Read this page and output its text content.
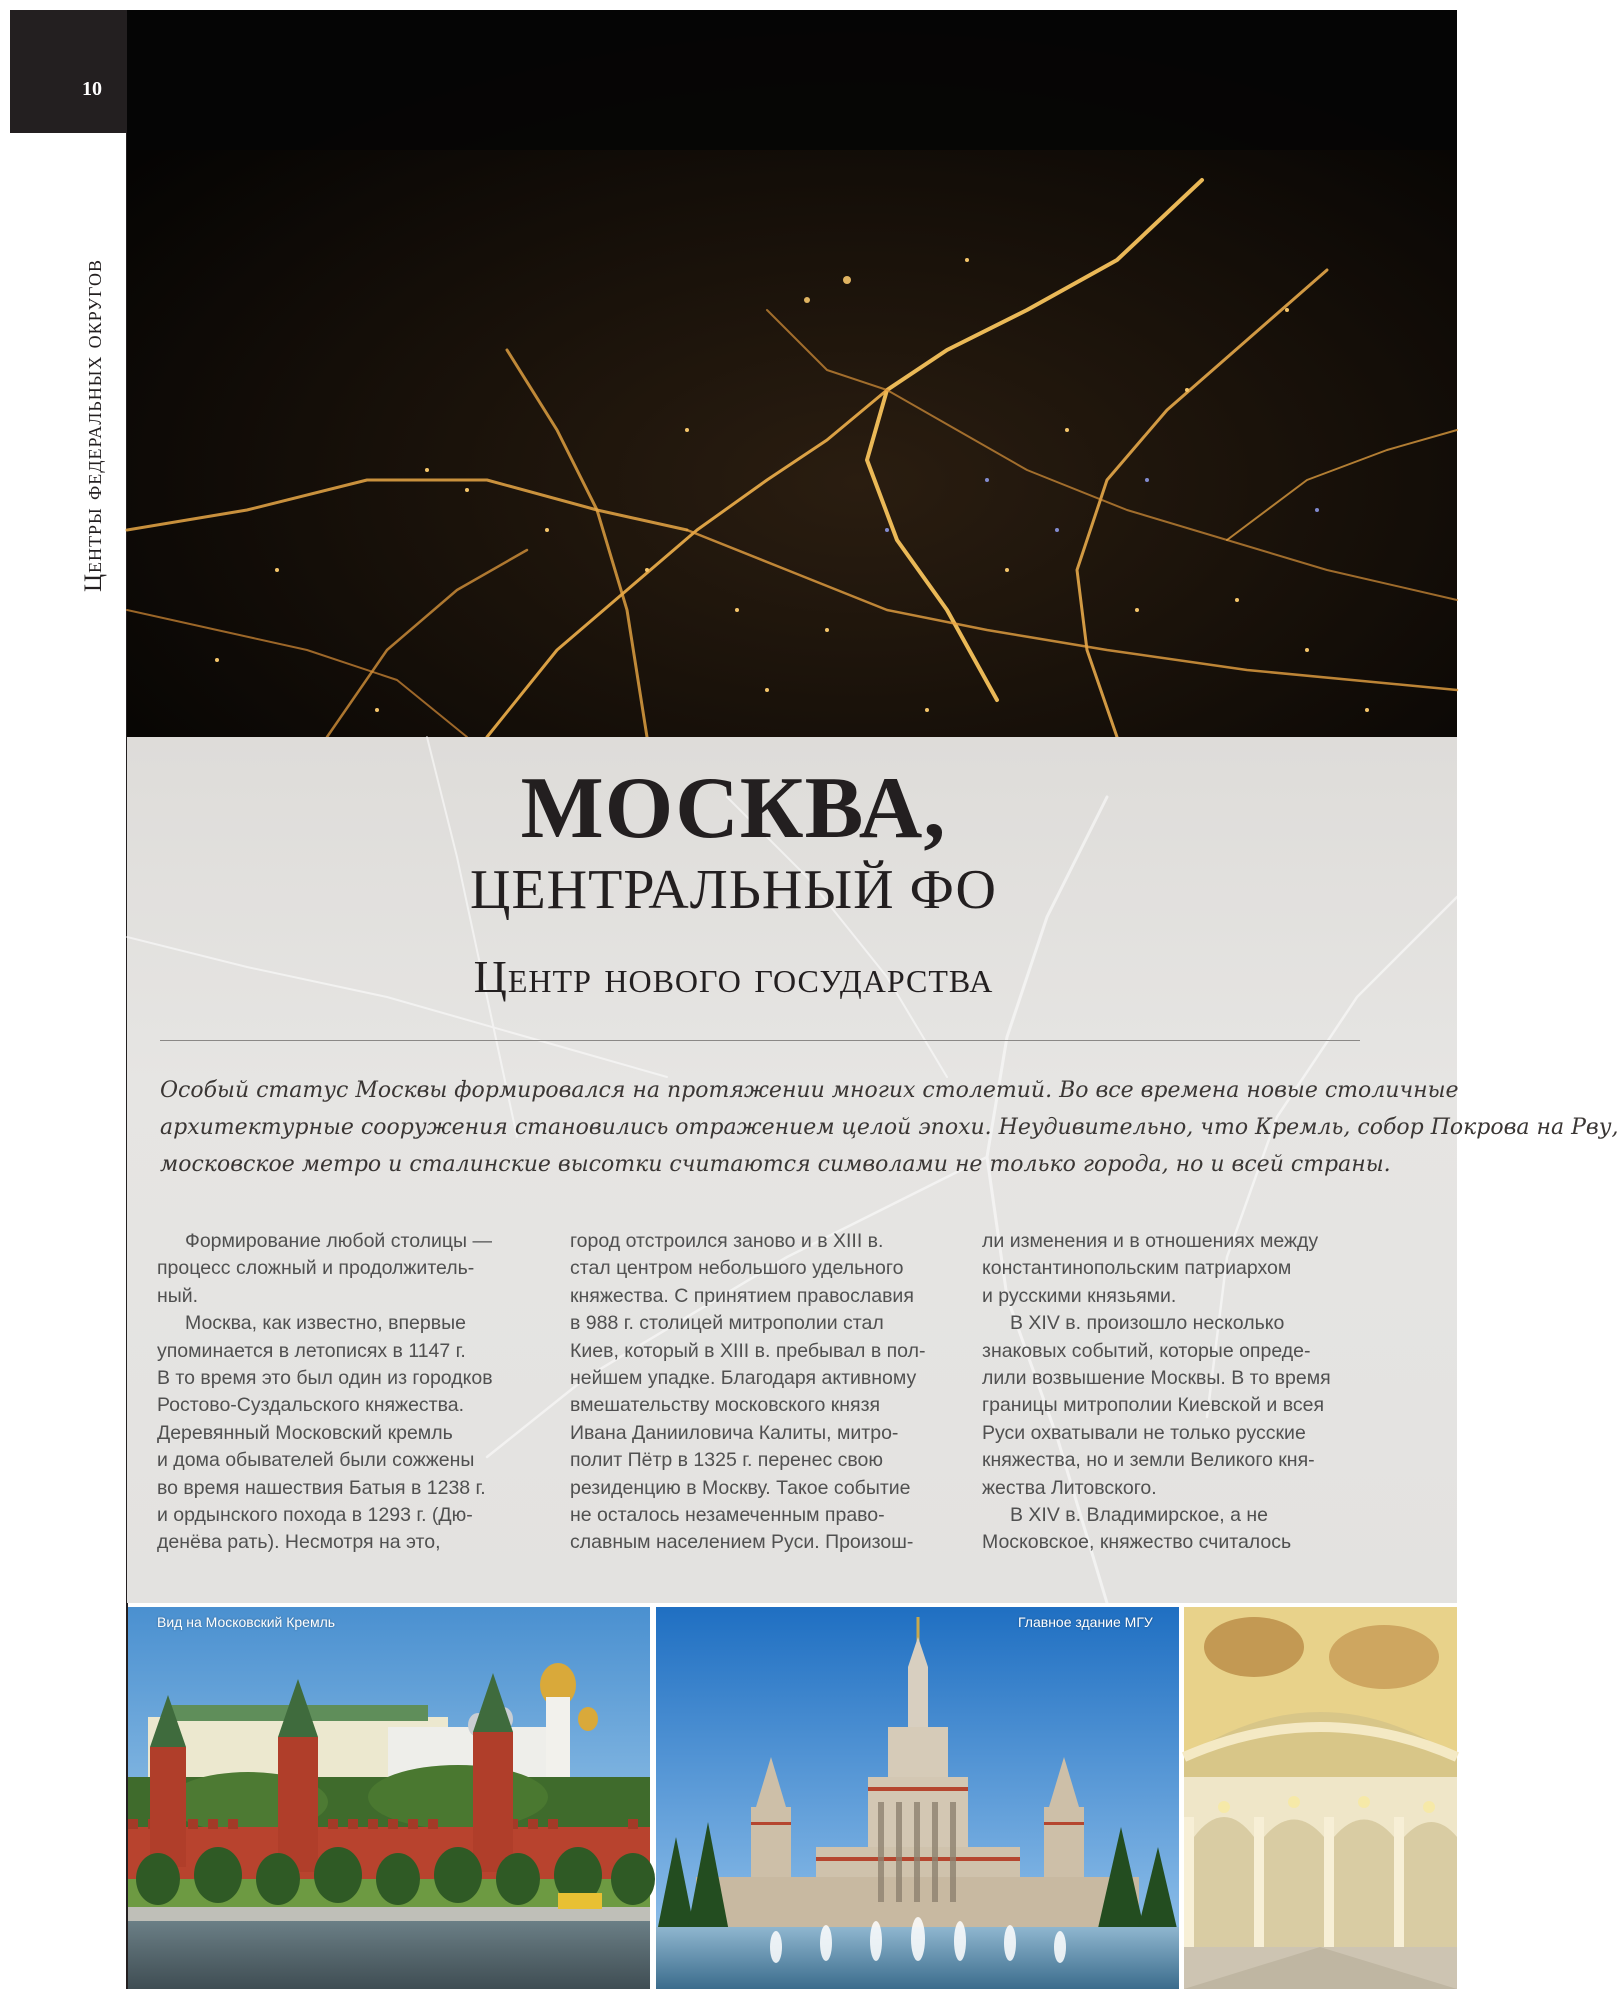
10
Центры федеральных округов
МОСКВА,
ЦЕНТРАЛЬНЫЙ ФО
Центр нового государства
Особый статус Москвы формировался на протяжении многих столетий. Во все времена новые столичные
архитектурные сооружения становились отражением целой эпохи. Неудивительно, что Кремль, собор Покрова на Рву,
московское метро и сталинские высотки считаются символами не только города, но и всей страны.
Формирование любой столицы —
процесс сложный и продолжитель-
ный.
Москва, как известно, впервые
упоминается в летописях в 1147 г.
В то время это был один из городков
Ростово-Суздальского княжества.
Деревянный Московский кремль
и дома обывателей были сожжены
во время нашествия Батыя в 1238 г.
и ордынского похода в 1293 г. (Дю-
денёва рать). Несмотря на это,
город отстроился заново и в XIII в.
стал центром небольшого удельного
княжества. С принятием православия
в 988 г. столицей митрополии стал
Киев, который в XIII в. пребывал в пол-
нейшем упадке. Благодаря активному
вмешательству московского князя
Ивана Данииловича Калиты, митро-
полит Пётр в 1325 г. перенес свою
резиденцию в Москву. Такое событие
не осталось незамеченным право-
славным населением Руси. Произош-
ли изменения и в отношениях между
константинопольским патриархом
и русскими князьями.
В XIV в. произошло несколько
знаковых событий, которые опреде-
лили возвышение Москвы. В то время
границы митрополии Киевской и всея
Руси охватывали не только русские
княжества, но и земли Великого кня-
жества Литовского.
В XIV в. Владимирское, а не
Московское, княжество считалось
Вид на Московский Кремль	Главное здание МГУ
